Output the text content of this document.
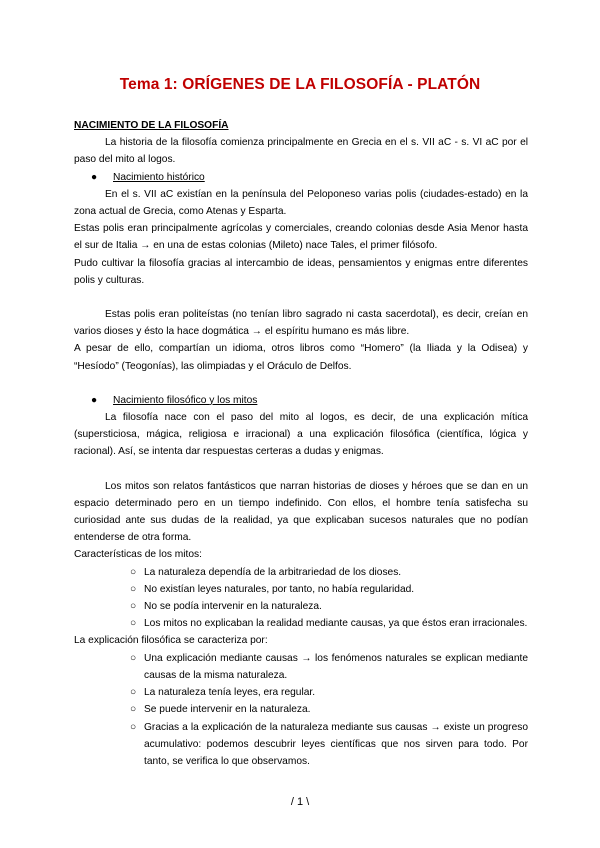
Tema 1: ORÍGENES DE LA FILOSOFÍA - PLATÓN

NACIMIENTO DE LA FILOSOFÍA

La historia de la filosofía comienza principalmente en Grecia en el s. VII aC - s. VI aC por el paso del mito al logos.

● Nacimiento histórico

En el s. VII aC existían en la península del Peloponeso varias polis (ciudades-estado) en la zona actual de Grecia, como Atenas y Esparta.

Estas polis eran principalmente agrícolas y comerciales, creando colonias desde Asia Menor hasta el sur de Italia → en una de estas colonias (Mileto) nace Tales, el primer filósofo.

Pudo cultivar la filosofía gracias al intercambio de ideas, pensamientos y enigmas entre diferentes polis y culturas.

Estas polis eran politeístas (no tenían libro sagrado ni casta sacerdotal), es decir, creían en varios dioses y ésto la hace dogmática → el espíritu humano es más libre.

A pesar de ello, compartían un idioma, otros libros como “Homero” (la Iliada y la Odisea) y “Hesíodo” (Teogonías), las olimpiadas y el Oráculo de Delfos.

● Nacimiento filosófico y los mitos

La filosofía nace con el paso del mito al logos, es decir, de una explicación mítica (supersticiosa, mágica, religiosa e irracional) a una explicación filosófica (científica, lógica y racional). Así, se intenta dar respuestas certeras a dudas y enigmas.

Los mitos son relatos fantásticos que narran historias de dioses y héroes que se dan en un espacio determinado pero en un tiempo indefinido. Con ellos, el hombre tenía satisfecha su curiosidad ante sus dudas de la realidad, ya que explicaban sucesos naturales que no podían entenderse de otra forma.

Características de los mitos:

○ La naturaleza dependía de la arbitrariedad de los dioses.
○ No existían leyes naturales, por tanto, no había regularidad.
○ No se podía intervenir en la naturaleza.
○ Los mitos no explicaban la realidad mediante causas, ya que éstos eran irracionales.

La explicación filosófica se caracteriza por:

○ Una explicación mediante causas → los fenómenos naturales se explican mediante causas de la misma naturaleza.
○ La naturaleza tenía leyes, era regular.
○ Se puede intervenir en la naturaleza.
○ Gracias a la explicación de la naturaleza mediante sus causas → existe un progreso acumulativo: podemos descubrir leyes científicas que nos sirven para todo. Por tanto, se verifica lo que observamos.
/ 1 \
